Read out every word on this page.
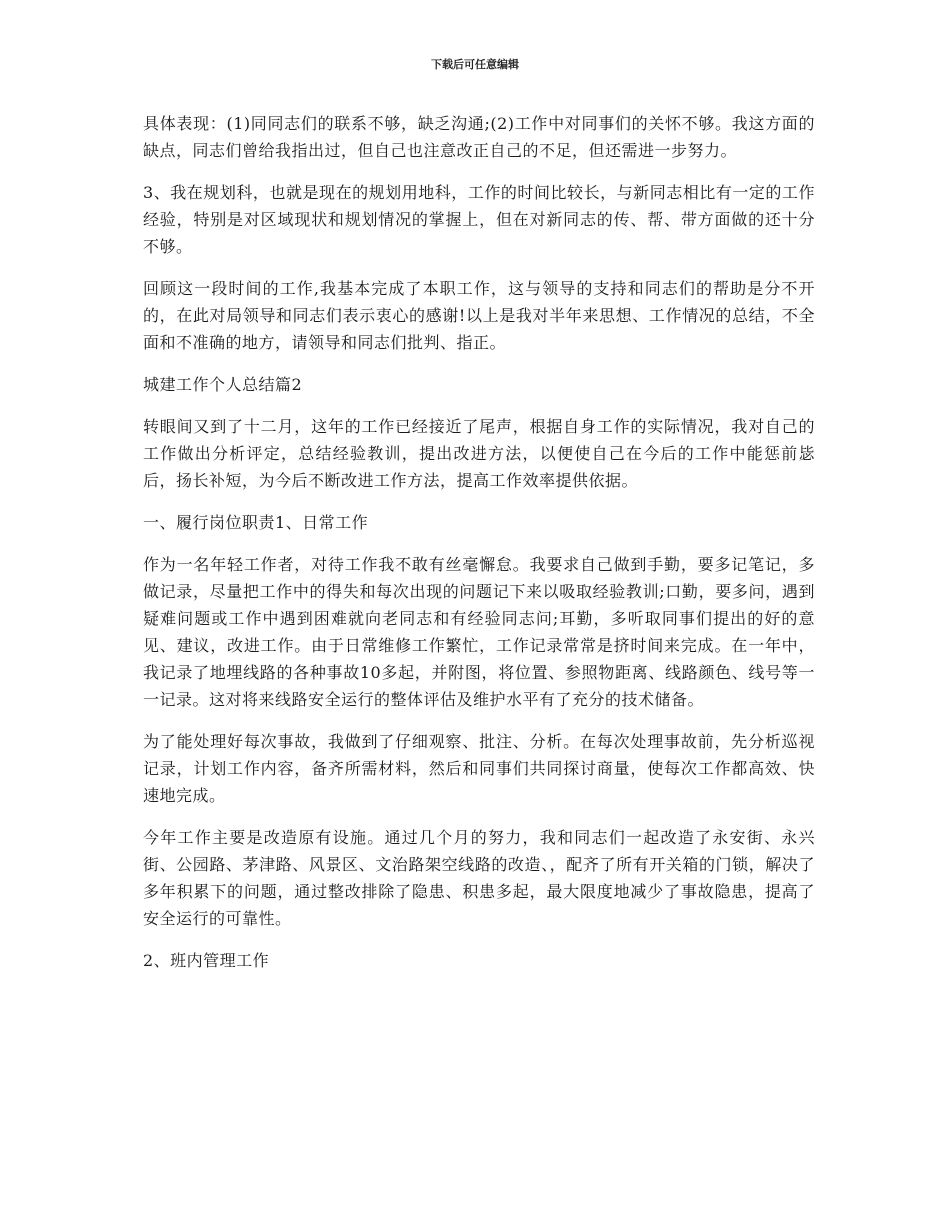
下载后可任意编辑

具体表现：(1)同同志们的联系不够，缺乏沟通;(2)工作中对同事们的关怀不够。我这方面的缺点，同志们曾给我指出过，但自己也注意改正自己的不足，但还需进一步努力。

3、我在规划科，也就是现在的规划用地科，工作的时间比较长，与新同志相比有一定的工作经验，特别是对区域现状和规划情况的掌握上，但在对新同志的传、帮、带方面做的还十分不够。

回顾这一段时间的工作,我基本完成了本职工作，这与领导的支持和同志们的帮助是分不开的，在此对局领导和同志们表示衷心的感谢!以上是我对半年来思想、工作情况的总结，不全面和不准确的地方，请领导和同志们批判、指正。

城建工作个人总结篇2

转眼间又到了十二月，这年的工作已经接近了尾声，根据自身工作的实际情况，我对自己的工作做出分析评定，总结经验教训，提出改进方法，以便使自己在今后的工作中能惩前毖后，扬长补短，为今后不断改进工作方法，提高工作效率提供依据。

一、履行岗位职责1、日常工作

作为一名年轻工作者，对待工作我不敢有丝毫懈怠。我要求自己做到手勤，要多记笔记，多做记录，尽量把工作中的得失和每次出现的问题记下来以吸取经验教训;口勤，要多问，遇到疑难问题或工作中遇到困难就向老同志和有经验同志问;耳勤，多听取同事们提出的好的意见、建议，改进工作。由于日常维修工作繁忙，工作记录常常是挤时间来完成。在一年中，我记录了地埋线路的各种事故10多起，并附图，将位置、参照物距离、线路颜色、线号等一一记录。这对将来线路安全运行的整体评估及维护水平有了充分的技术储备。

为了能处理好每次事故，我做到了仔细观察、批注、分析。在每次处理事故前，先分析巡视记录，计划工作内容，备齐所需材料，然后和同事们共同探讨商量，使每次工作都高效、快速地完成。

今年工作主要是改造原有设施。通过几个月的努力，我和同志们一起改造了永安街、永兴街、公园路、茅津路、风景区、文治路架空线路的改造、，配齐了所有开关箱的门锁，解决了多年积累下的问题，通过整改排除了隐患、积患多起，最大限度地减少了事故隐患，提高了安全运行的可靠性。

2、班内管理工作
